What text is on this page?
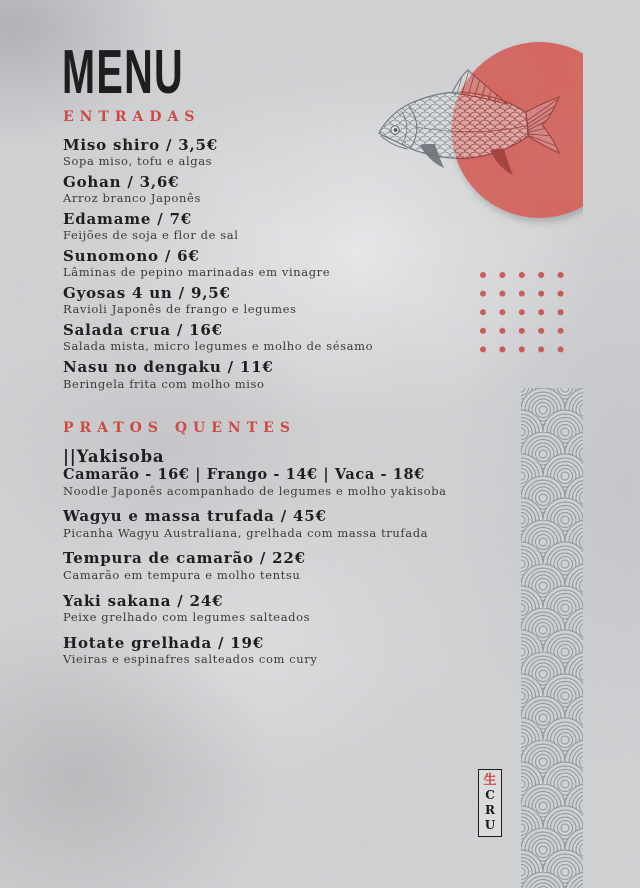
MENU
ENTRADAS

Miso shiro / 3,5€

Sopa miso, tofu e algas

Gohan / 3,6€

Arroz branco Japonês

Edamame / 7€

Feijões de soja e flor de sal

Sunomono / 6€

Lâminas de pepino marinadas em vinagre

Gyosas 4 un / 9,5€

Ravioli Japonês de frango e legumes

Salada crua / 16€

Salada mista, micro legumes e molho de sésamo

Nasu no dengaku / 11€

Beringela frita com molho miso

PRATOS QUENTES

||Yakisoba

Camarão - 16€ | Frango - 14€ | Vaca - 18€

Noodle Japonês acompanhado de legumes e molho yakisoba

Wagyu e massa trufada / 45€

Picanha Wagyu Australiana, grelhada com massa trufada

Tempura de camarão / 22€

Camarão em tempura e molho tentsu

Yaki sakana / 24€

Peixe grelhado com legumes salteados

Hotate grelhada / 19€

Vieiras e espinafres salteados com cury

生
C
R
U
